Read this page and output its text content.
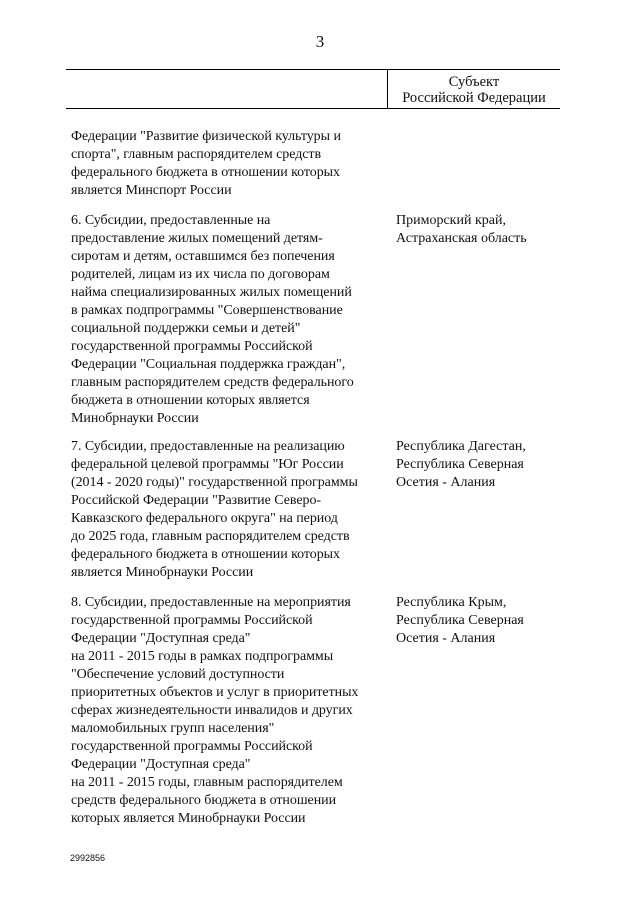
3
Субъект
Российской Федерации
Федерации "Развитие физической культуры и
спорта", главным распорядителем средств
федерального бюджета в отношении которых
является Минспорт России
6. Субсидии, предоставленные на
предоставление жилых помещений детям-
сиротам и детям, оставшимся без попечения
родителей, лицам из их числа по договорам
найма специализированных жилых помещений
в рамках подпрограммы "Совершенствование
социальной поддержки семьи и детей"
государственной программы Российской
Федерации "Социальная поддержка граждан",
главным распорядителем средств федерального
бюджета в отношении которых является
Минобрнауки России
Приморский край,
Астраханская область
7. Субсидии, предоставленные на реализацию
федеральной целевой программы "Юг России
(2014 - 2020 годы)" государственной программы
Российской Федерации "Развитие Северо-
Кавказского федерального округа" на период
до 2025 года, главным распорядителем средств
федерального бюджета в отношении которых
является Минобрнауки России
Республика Дагестан,
Республика Северная
Осетия - Алания
8. Субсидии, предоставленные на мероприятия
государственной программы Российской
Федерации "Доступная среда"
на 2011 - 2015 годы в рамках подпрограммы
"Обеспечение условий доступности
приоритетных объектов и услуг в приоритетных
сферах жизнедеятельности инвалидов и других
маломобильных групп населения"
государственной программы Российской
Федерации "Доступная среда"
на 2011 - 2015 годы, главным распорядителем
средств федерального бюджета в отношении
которых является Минобрнауки России
Республика Крым,
Республика Северная
Осетия - Алания
2992856
